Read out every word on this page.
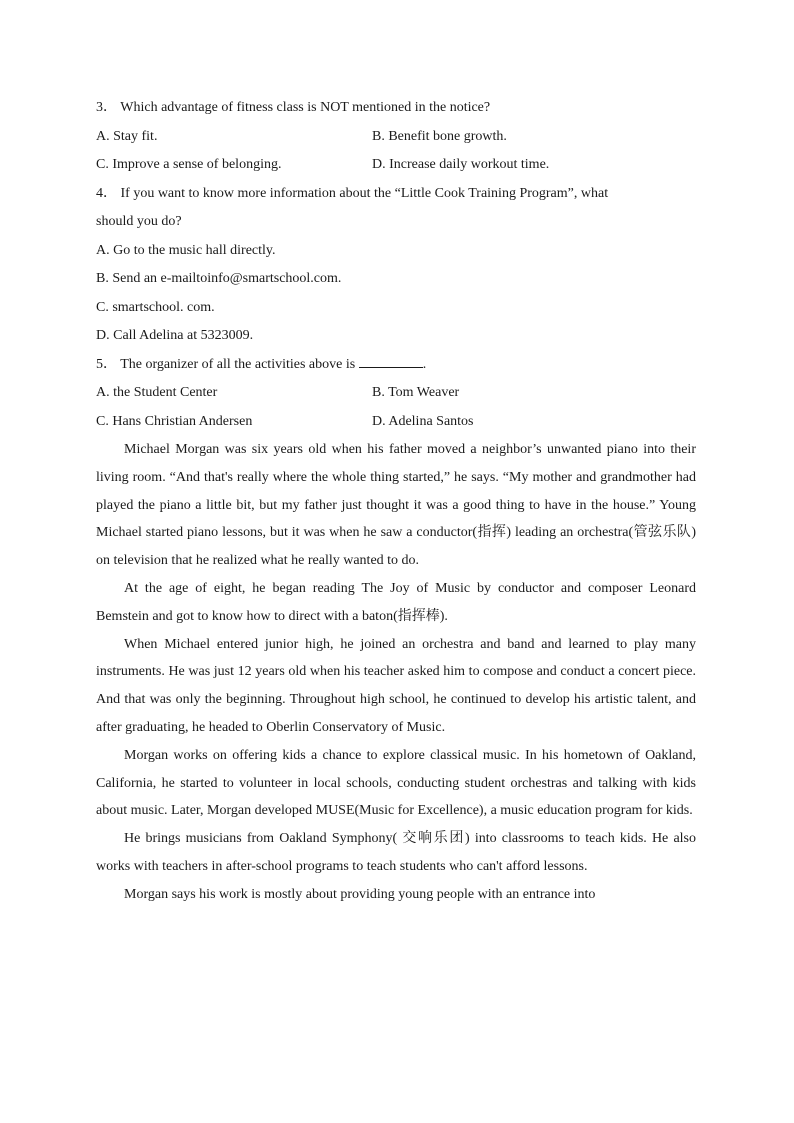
3． Which advantage of fitness class is NOT mentioned in the notice?

A. Stay fit.	B. Benefit bone growth.
C. Improve a sense of belonging.	D. Increase daily workout time.

4． If you want to know more information about the “Little Cook Training Program”, what

should you do?

A. Go to the music hall directly.

B. Send an e-mailtoinfo@smartschool.com.

C. smartschool. com.

D. Call Adelina at 5323009.

5． The organizer of all the activities above is	.

A. the Student Center	B. Tom Weaver
C. Hans Christian Andersen	D. Adelina Santos

Michael Morgan was six years old when his father moved a neighbor’s unwanted piano into their living room. “And that's really where the whole thing started,” he says. “My mother and grandmother had played the piano a little bit, but my father just thought it was a good thing to have in the house.” Young Michael started piano lessons, but it was when he saw a conductor(指挥) leading an orchestra(管弦乐队) on television that he realized what he really wanted to do.

At the age of eight, he began reading The Joy of Music by conductor and composer Leonard Bemstein and got to know how to direct with a baton(指挥棒).

When Michael entered junior high, he joined an orchestra and band and learned to play many instruments. He was just 12 years old when his teacher asked him to compose and conduct a concert piece. And that was only the beginning. Throughout high school, he continued to develop his artistic talent, and after graduating, he headed to Oberlin Conservatory of Music.

Morgan works on offering kids a chance to explore classical music. In his hometown of Oakland, California, he started to volunteer in local schools, conducting student orchestras and talking with kids about music. Later, Morgan developed MUSE(Music for Excellence), a music education program for kids.

He brings musicians from Oakland Symphony( 交响乐团) into classrooms to teach kids. He also works with teachers in after-school programs to teach students who can't afford lessons.

Morgan says his work is mostly about providing young people with an entrance into
